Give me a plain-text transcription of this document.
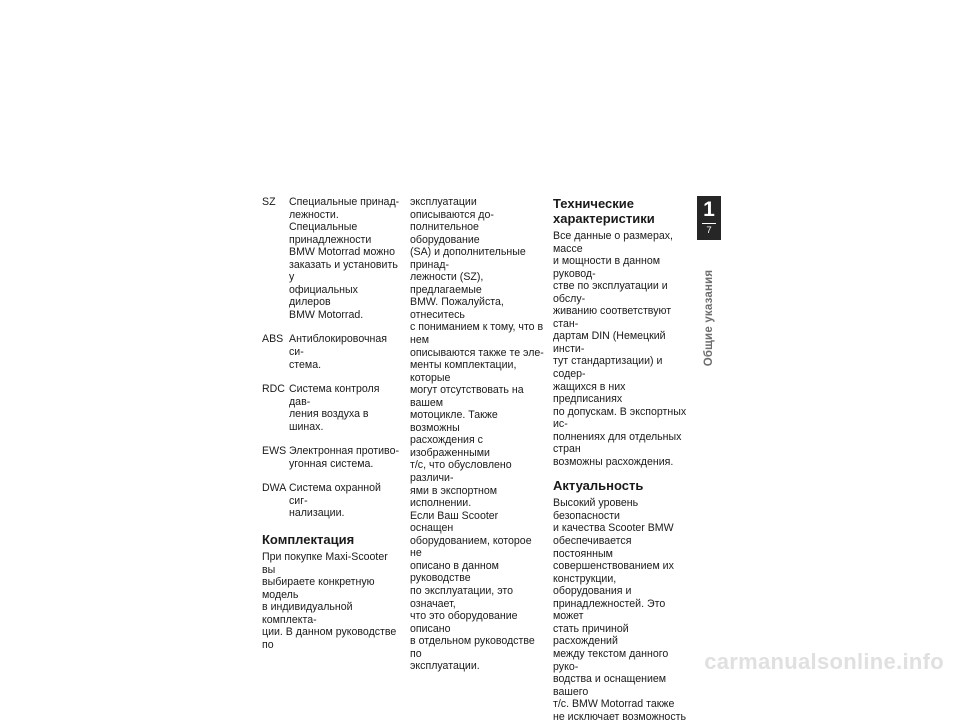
SZ	Специальные принад-
лежности.
Специальные
принадлежности
BMW Motorrad можно
заказать и установить у
официальных дилеров
BMW Motorrad.
ABS Антиблокировочная си-
стема.
RDC Система контроля дав-
ления воздуха в шинах.
EWS Электронная противо-
угонная система.
DWA Система охранной сиг-
нализации.
Комплектация

При покупке Maxi-Scooter вы
выбираете конкретную модель
в индивидуальной комплекта-
ции. В данном руководстве по

эксплуатации описываются до-
полнительное оборудование
(SA) и дополнительные принад-
лежности (SZ), предлагаемые
BMW. Пожалуйста, отнеситесь
с пониманием к тому, что в нем
описываются также те эле-
менты комплектации, которые
могут отсутствовать на вашем
мотоцикле. Также возможны
расхождения с изображенными
т/с, что обусловлено различи-
ями в экспортном исполнении.
Если Ваш Scooter оснащен
оборудованием, которое не
описано в данном руководстве
по эксплуатации, это означает,
что это оборудование описано
в отдельном руководстве по
эксплуатации.

Технические
характеристики

Все данные о размерах, массе
и мощности в данном руковод-
стве по эксплуатации и обслу-
живанию соответствуют стан-
дартам DIN (Немецкий инсти-
тут стандартизации) и содер-
жащихся в них предписаниях
по допускам. В экспортных ис-
полнениях для отдельных стран
возможны расхождения.

Актуальность

Высокий уровень безопасности
и качества Scooter BMW
обеспечивается постоянным
совершенствованием их
конструкции, оборудования и
принадлежностей. Это может
стать причиной расхождений
между текстом данного руко-
водства и оснащением вашего
т/с. BMW Motorrad также
не исключает возможность

1
7
Общие указания
carmanualsonline.info
